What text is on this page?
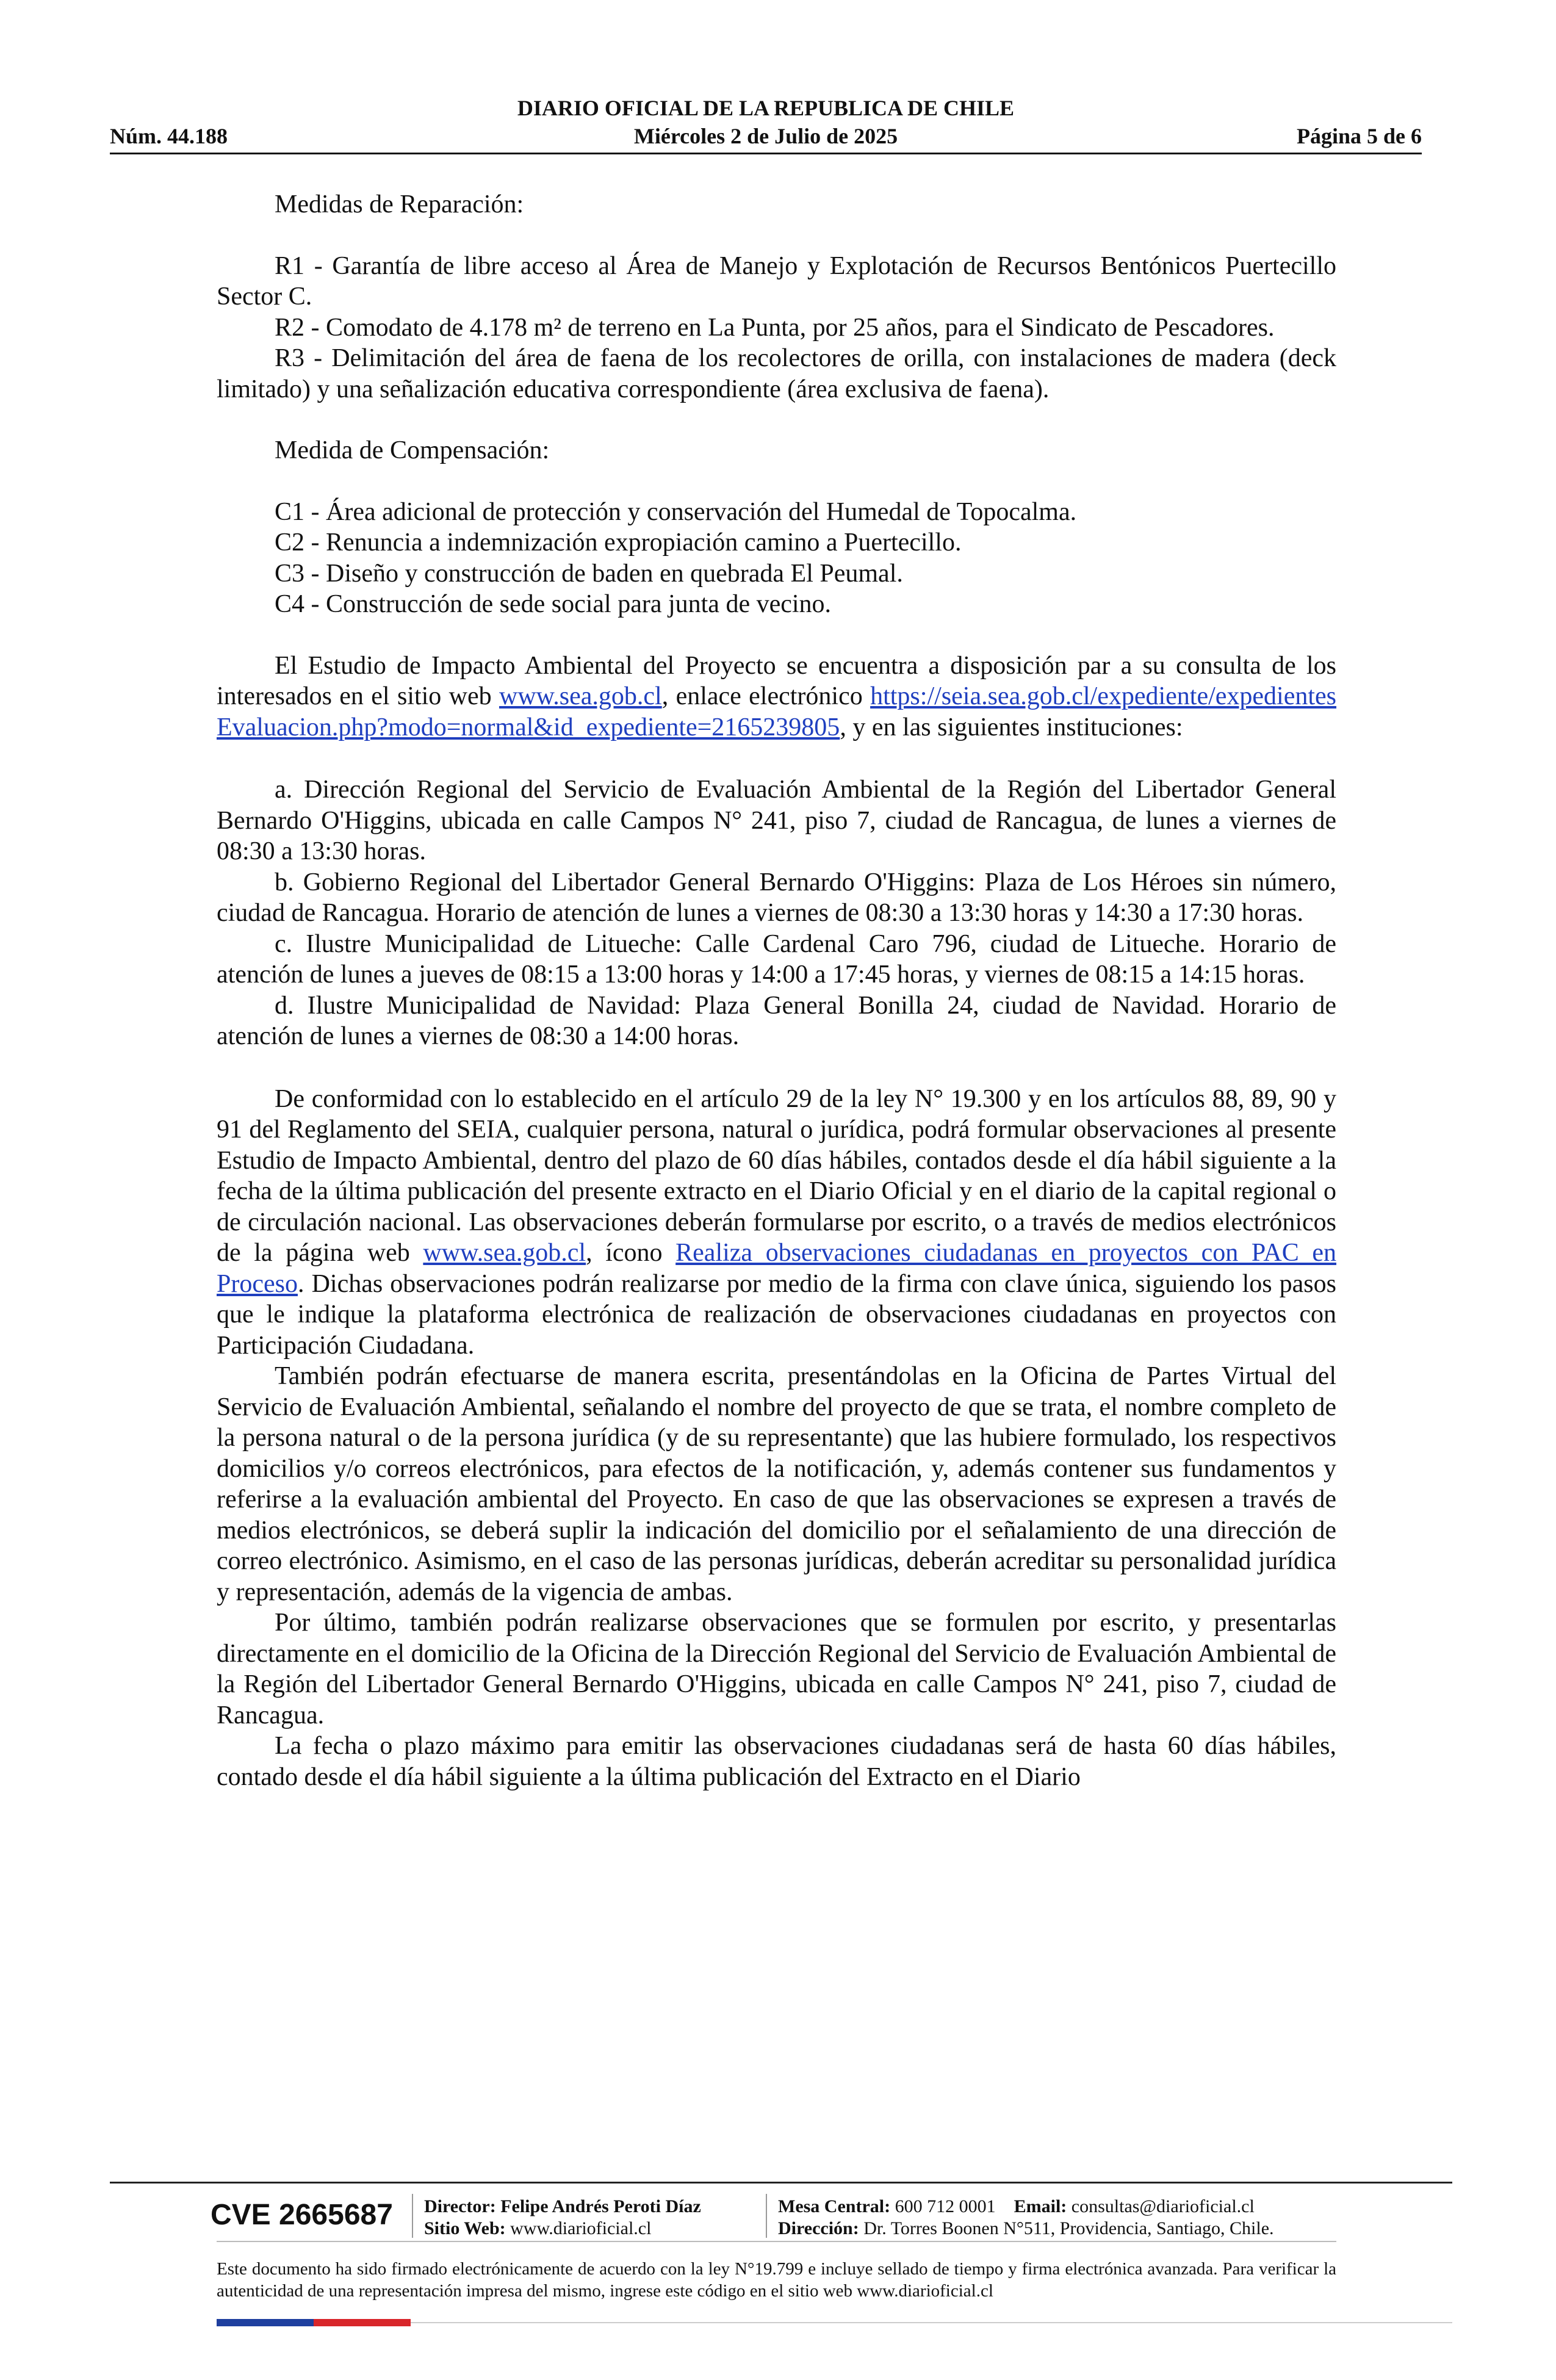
DIARIO OFICIAL DE LA REPUBLICA DE CHILE
Núm. 44.188	Miércoles 2 de Julio de 2025	Página 5 de 6

Medidas de Reparación:

R1 - Garantía de libre acceso al Área de Manejo y Explotación de Recursos Bentónicos Puertecillo Sector C.

R2 - Comodato de 4.178 m² de terreno en La Punta, por 25 años, para el Sindicato de Pescadores.

R3 - Delimitación del área de faena de los recolectores de orilla, con instalaciones de madera (deck limitado) y una señalización educativa correspondiente (área exclusiva de faena).

Medida de Compensación:

C1 - Área adicional de protección y conservación del Humedal de Topocalma.

C2 - Renuncia a indemnización expropiación camino a Puertecillo.

C3 - Diseño y construcción de baden en quebrada El Peumal.

C4 - Construcción de sede social para junta de vecino.

El Estudio de Impacto Ambiental del Proyecto se encuentra a disposición par a su consulta de los interesados en el sitio web www.sea.gob.cl, enlace electrónico https://seia.sea.gob.cl/expediente/expedientesEvaluacion.php?modo=normal&id_expediente=2165239805, y en las siguientes instituciones:

a. Dirección Regional del Servicio de Evaluación Ambiental de la Región del Libertador General Bernardo O'Higgins, ubicada en calle Campos N° 241, piso 7, ciudad de Rancagua, de lunes a viernes de 08:30 a 13:30 horas.

b. Gobierno Regional del Libertador General Bernardo O'Higgins: Plaza de Los Héroes sin número, ciudad de Rancagua. Horario de atención de lunes a viernes de 08:30 a 13:30 horas y 14:30 a 17:30 horas.

c. Ilustre Municipalidad de Litueche: Calle Cardenal Caro 796, ciudad de Litueche. Horario de atención de lunes a jueves de 08:15 a 13:00 horas y 14:00 a 17:45 horas, y viernes de 08:15 a 14:15 horas.

d. Ilustre Municipalidad de Navidad: Plaza General Bonilla 24, ciudad de Navidad. Horario de atención de lunes a viernes de 08:30 a 14:00 horas.

De conformidad con lo establecido en el artículo 29 de la ley N° 19.300 y en los artículos 88, 89, 90 y 91 del Reglamento del SEIA, cualquier persona, natural o jurídica, podrá formular observaciones al presente Estudio de Impacto Ambiental, dentro del plazo de 60 días hábiles, contados desde el día hábil siguiente a la fecha de la última publicación del presente extracto en el Diario Oficial y en el diario de la capital regional o de circulación nacional. Las observaciones deberán formularse por escrito, o a través de medios electrónicos de la página web www.sea.gob.cl, ícono Realiza observaciones ciudadanas en proyectos con PAC en Proceso. Dichas observaciones podrán realizarse por medio de la firma con clave única, siguiendo los pasos que le indique la plataforma electrónica de realización de observaciones ciudadanas en proyectos con Participación Ciudadana.

También podrán efectuarse de manera escrita, presentándolas en la Oficina de Partes Virtual del Servicio de Evaluación Ambiental, señalando el nombre del proyecto de que se trata, el nombre completo de la persona natural o de la persona jurídica (y de su representante) que las hubiere formulado, los respectivos domicilios y/o correos electrónicos, para efectos de la notificación, y, además contener sus fundamentos y referirse a la evaluación ambiental del Proyecto. En caso de que las observaciones se expresen a través de medios electrónicos, se deberá suplir la indicación del domicilio por el señalamiento de una dirección de correo electrónico. Asimismo, en el caso de las personas jurídicas, deberán acreditar su personalidad jurídica y representación, además de la vigencia de ambas.

Por último, también podrán realizarse observaciones que se formulen por escrito, y presentarlas directamente en el domicilio de la Oficina de la Dirección Regional del Servicio de Evaluación Ambiental de la Región del Libertador General Bernardo O'Higgins, ubicada en calle Campos N° 241, piso 7, ciudad de Rancagua.

La fecha o plazo máximo para emitir las observaciones ciudadanas será de hasta 60 días hábiles, contado desde el día hábil siguiente a la última publicación del Extracto en el Diario

CVE 2665687	Director: Felipe Andrés Peroti Díaz
Sitio Web: www.diarioficial.cl
Mesa Central: 600 712 0001 Email: consultas@diarioficial.cl
Dirección: Dr. Torres Boonen N°511, Providencia, Santiago, Chile.
Este documento ha sido firmado electrónicamente de acuerdo con la ley N°19.799 e incluye sellado de tiempo y firma electrónica avanzada. Para verificar la autenticidad de una representación impresa del mismo, ingrese este código en el sitio web www.diarioficial.cl
